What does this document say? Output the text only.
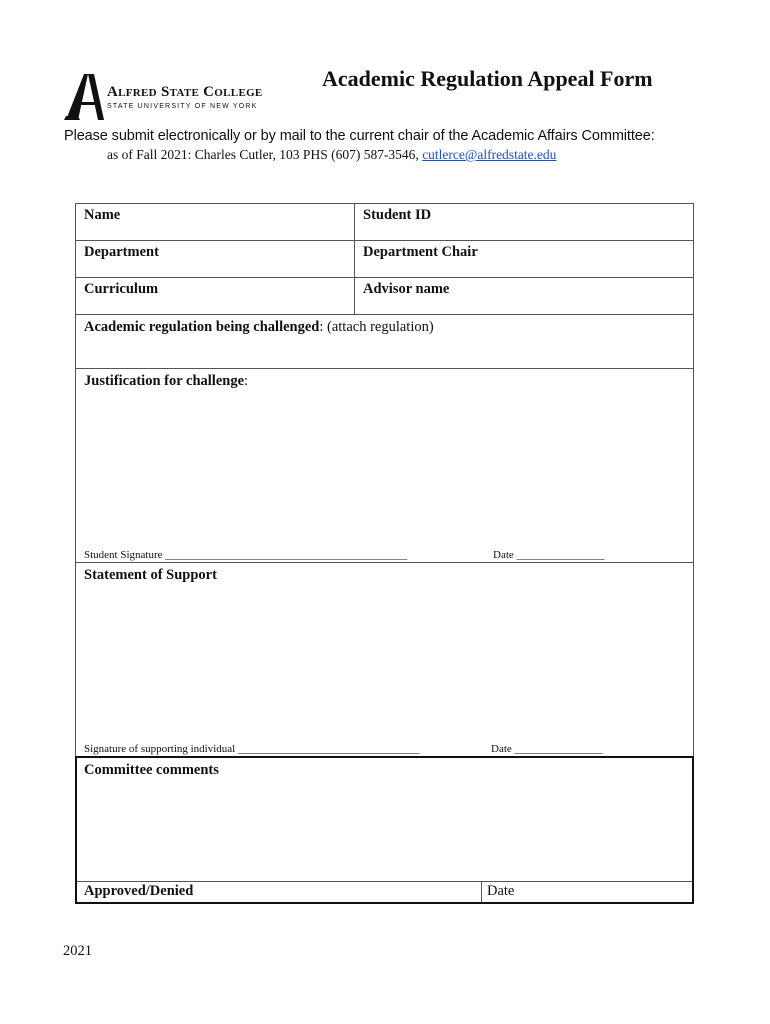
Alfred State College
STATE UNIVERSITY OF NEW YORK
Academic Regulation Appeal Form
Please submit electronically or by mail to the current chair of the Academic Affairs Committee:
as of Fall 2021: Charles Cutler, 103 PHS (607) 587-3546, cutlerce@alfredstate.edu
Name	Student ID
Department	Department Chair
Curriculum	Advisor name
Academic regulation being challenged: (attach regulation)
Justification for challenge:
Student Signature ____________________________________________	Date ________________
Statement of Support
Signature of supporting individual _________________________________	Date ________________
Committee comments
Approved/Denied	Date
2021
